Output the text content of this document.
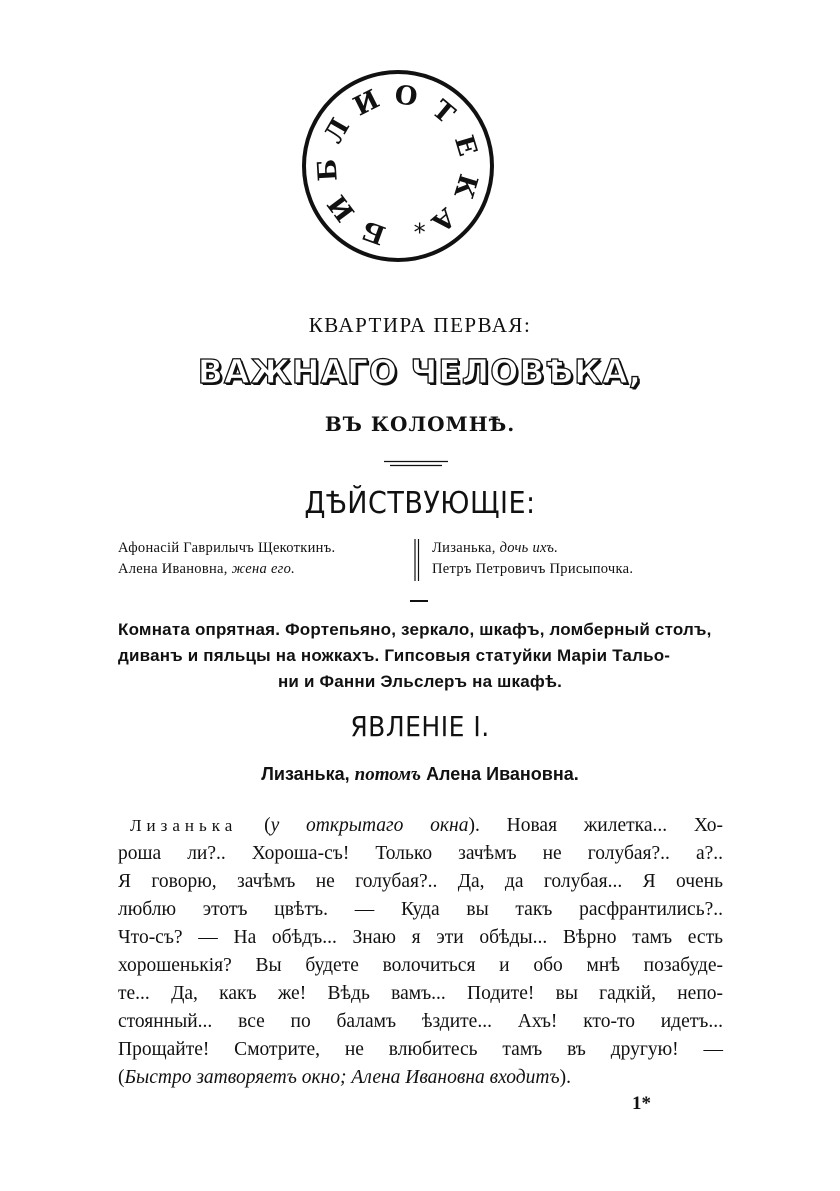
Б
И
Б
Л
И О Т
Е
К
А
*
КВАРТИРА ПЕРВАЯ:
ВАЖНАГО ЧЕЛОВѢКА,
ВЪ КОЛОМНѢ.
ДѢЙСТВУЮЩІЕ:
Афонасій Гаврилычъ Щекоткинъ.
Алена Ивановна, жена его.
Лизанька, дочь ихъ.
Петръ Петровичъ Присыпочка.
Комната опрятная. Фортепьяно, зеркало, шкафъ, ломберный столъ,
диванъ и пяльцы на ножкахъ. Гипсовыя статуйки Маріи Тальо-
ни и Фанни Эльслеръ на шкафѣ.
ЯВЛЕНІЕ І.
Лизанька, потомъ Алена Ивановна.
Лизанька (у открытаго окна). Новая жилетка... Хо-
роша ли?.. Хороша-съ! Только зачѣмъ не голубая?.. а?..
Я говорю, зачѣмъ не голубая?.. Да, да голубая... Я очень
люблю этотъ цвѣтъ. — Куда вы такъ расфрантились?..
Что-съ? — На обѣдъ... Знаю я эти обѣды... Вѣрно тамъ есть
хорошенькія? Вы будете волочиться и обо мнѣ позабуде-
те... Да, какъ же! Вѣдь вамъ... Подите! вы гадкій, непо-
стоянный... все по баламъ ѣздите... Ахъ! кто-то идетъ...
Прощайте! Смотрите, не влюбитесь тамъ въ другую! —
(Быстро затворяетъ окно; Алена Ивановна входитъ).
1*
